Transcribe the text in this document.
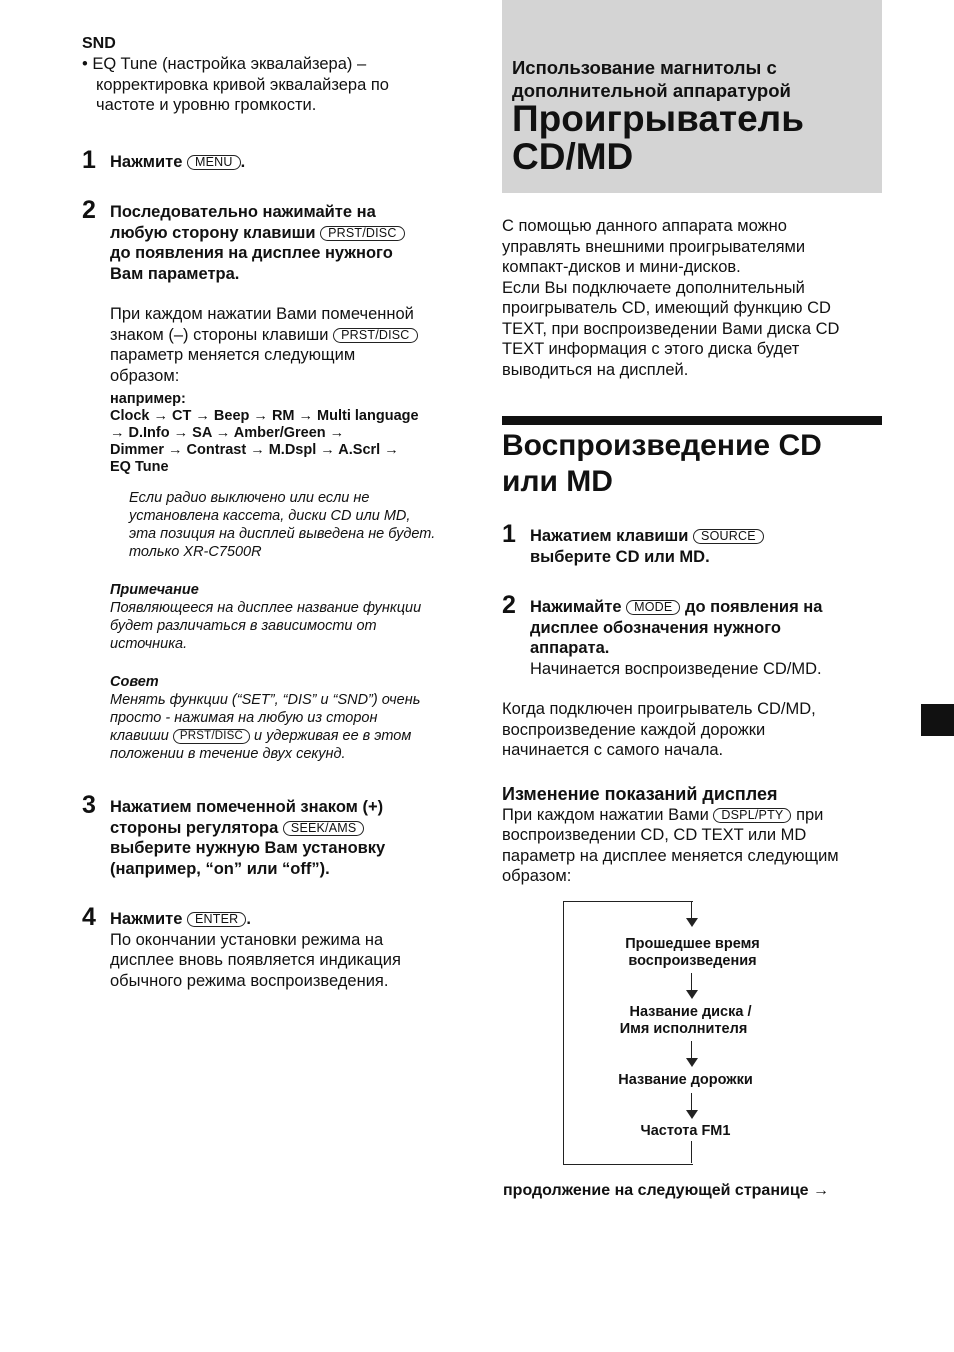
SND
• EQ Tune (настройка эквалайзера) –
корректировка кривой эквалайзера по
частоте и уровню громкости.
1 Нажмите MENU .
2 Последовательно нажимайте на
любую сторону клавиши PRST/DISC
до появления на дисплее нужного
Вам параметра.
При каждом нажатии Вами помеченной
знаком (–) стороны клавиши PRST/DISC
параметр меняется следующим
образом:
например:
Clock → CT → Beep → RM → Multi language
→ D.Info → SA → Amber/Green →
Dimmer → Contrast → M.Dspl → A.Scrl →
EQ Tune
Если радио выключено или если не
установлена кассета, диски CD или MD,
эта позиция на дисплей выведена не будет.
только XR-C7500R
Примечание
Появляющееся на дисплее название функции
будет различаться в зависимости от
источника.
Совет
Менять функции (“SET”, “DIS” и “SND”) очень
просто - нажимая на любую из сторон
клавиши PRST/DISC и удерживая ее в этом
положении в течение двух секунд.
3 Нажатием помеченной знаком (+)
стороны регулятора SEEK/AMS
выберите нужную Вам установку
(например, “on” или “off”).
4 Нажмите ENTER .
По окончании установки режима на
дисплее вновь появляется индикация
обычного режима воспроизведения.
Использование магнитолы с
дополнительной аппаратурой
Проигрыватель
CD/MD
С помощью данного аппарата можно
управлять внешними проигрывателями
компакт-дисков и мини-дисков.
Если Вы подключаете дополнительный
проигрыватель CD, имеющий функцию CD
TEXT, при воспроизведении Вами диска CD
TEXT информация с этого диска будет
выводиться на дисплей.
Воспроизведение CD
или MD
1 Нажатием клавиши SOURCE
выберите CD или MD.
2 Нажимайте MODE до появления на
дисплее обозначения нужного
аппарата.
Начинается воспроизведение CD/MD.
Когда подключен проигрыватель CD/MD,
воспроизведение каждой дорожки
начинается с самого начала.
Изменение показаний дисплея
При каждом нажатии Вами DSPL/PTY при
воспроизведении CD, CD TEXT или MD
параметр на дисплее меняется следующим
образом:
продолжение на следующей странице →
Прошедшее время
воспроизведения
Название диска /
Имя исполнителя
Название дорожки
Частота FM1
